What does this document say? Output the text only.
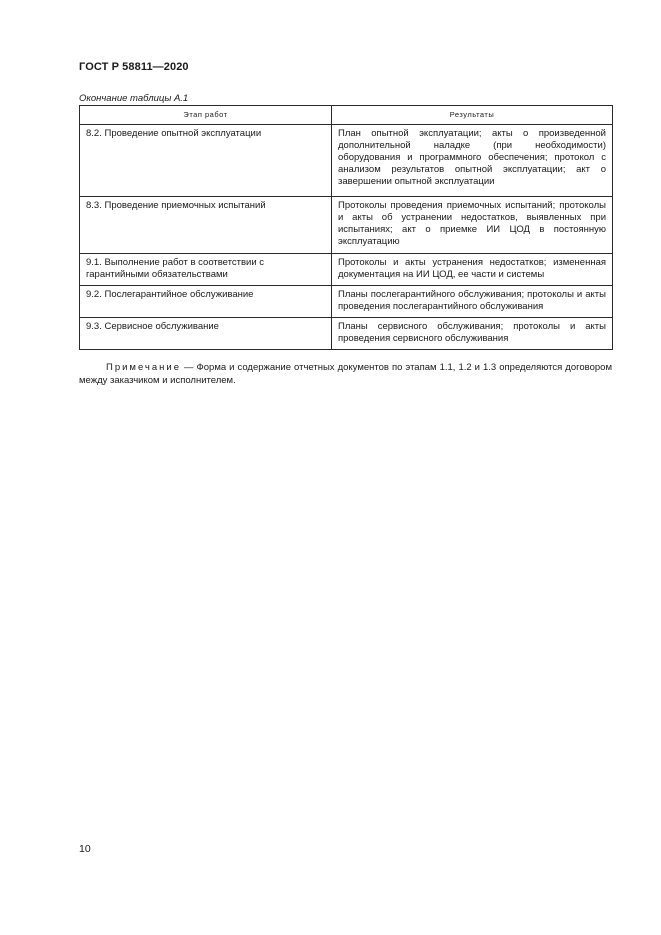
ГОСТ Р 58811—2020
Окончание таблицы А.1
Этап работ	Результаты
8.2. Проведение опытной эксплуатации	План опытной эксплуатации; акты о произведенной дополнительной наладке (при необходимости) оборудования и программного обеспечения; протокол с анализом результатов опытной эксплуатации; акт о завершении опытной эксплуатации
8.3. Проведение приемочных испытаний	Протоколы проведения приемочных испытаний; протоколы и акты об устранении недостатков, выявленных при испытаниях; акт о приемке ИИ ЦОД в постоянную эксплуатацию
9.1. Выполнение работ в соответствии с гарантийными обязательствами	Протоколы и акты устранения недостатков; измененная документация на ИИ ЦОД, ее части и системы
9.2. Послегарантийное обслуживание	Планы послегарантийного обслуживания; протоколы и акты проведения послегарантийного обслуживания
9.3. Сервисное обслуживание	Планы сервисного обслуживания; протоколы и акты проведения сервисного обслуживания

Примечание — Форма и содержание отчетных документов по этапам 1.1, 1.2 и 1.3 определяются договором между заказчиком и исполнителем.

10
